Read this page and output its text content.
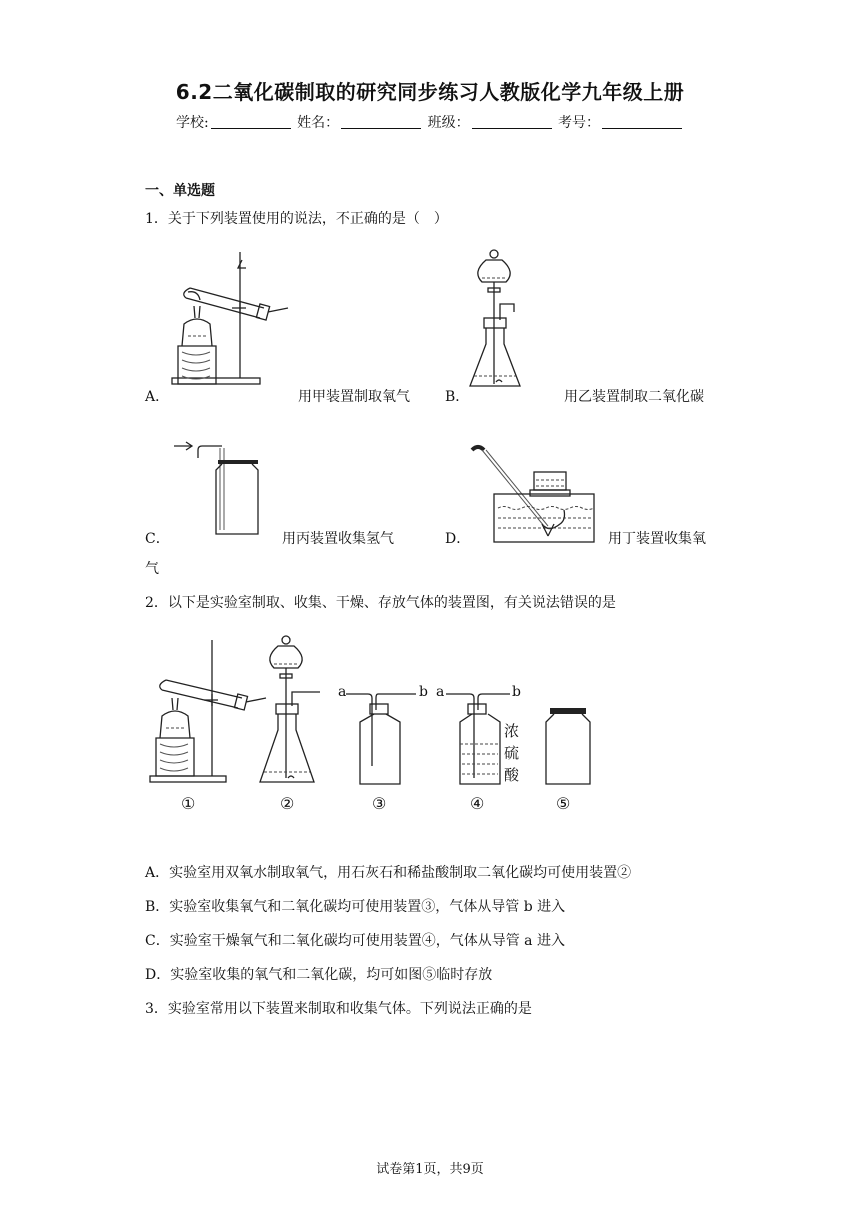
6.2二氧化碳制取的研究同步练习人教版化学九年级上册
学校:	姓名：	班级：	考号：
一、单选题
1．关于下列装置使用的说法，不正确的是（　）
A．	用甲装置制取氧气	B．	用乙装置制取二氧化碳
C．	用丙装置收集氢气	D．	用丁装置收集氧
气
2．以下是实验室制取、收集、干燥、存放气体的装置图，有关说法错误的是
a	b a	b
浓
硫
酸
①	②	③	④	⑤
A．实验室用双氧水制取氧气，用石灰石和稀盐酸制取二氧化碳均可使用装置②
B．实验室收集氧气和二氧化碳均可使用装置③，气体从导管 b 进入
C．实验室干燥氧气和二氧化碳均可使用装置④，气体从导管 a 进入
D．实验室收集的氧气和二氧化碳，均可如图⑤临时存放
3．实验室常用以下装置来制取和收集气体。下列说法正确的是
试卷第1页，共9页
